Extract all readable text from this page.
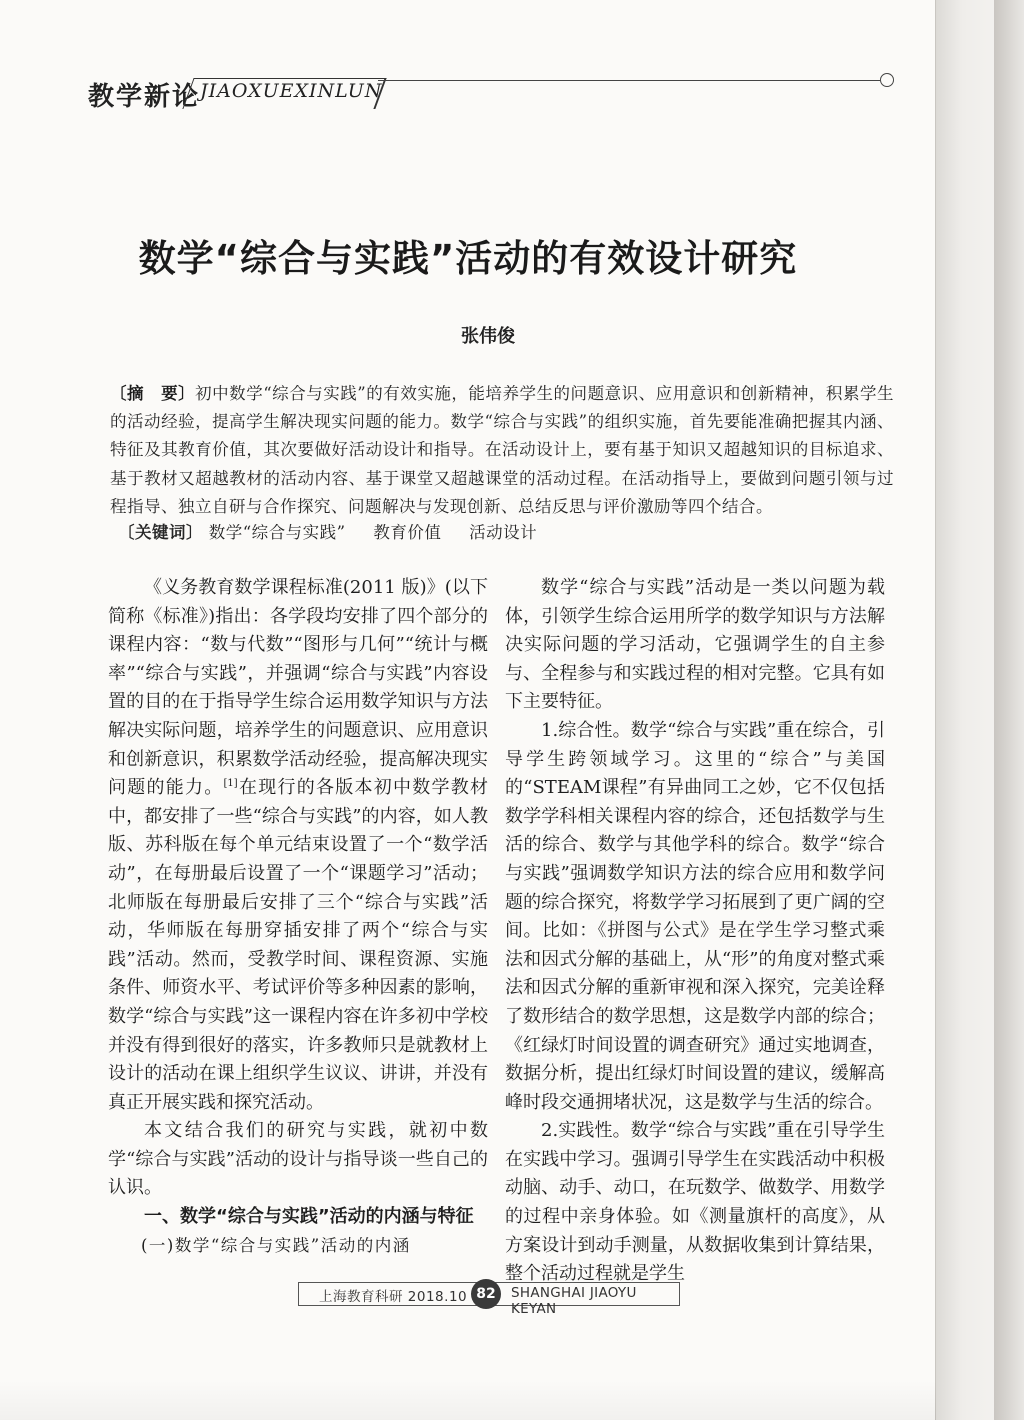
教学新论 JIAOXUEXINLUN
数学“综合与实践”活动的有效设计研究
张伟俊
〔摘　要〕初中数学“综合与实践”的有效实施，能培养学生的问题意识、应用意识和创新精神，积累学生的活动经验，提高学生解决现实问题的能力。数学“综合与实践”的组织实施，首先要能准确把握其内涵、特征及其教育价值，其次要做好活动设计和指导。在活动设计上，要有基于知识又超越知识的目标追求、基于教材又超越教材的活动内容、基于课堂又超越课堂的活动过程。在活动指导上，要做到问题引领与过程指导、独立自研与合作探究、问题解决与发现创新、总结反思与评价激励等四个结合。
〔关键词〕 数学“综合与实践” 教育价值 活动设计

《义务教育数学课程标准(2011 版)》(以下简称《标准》)指出：各学段均安排了四个部分的课程内容：“数与代数”“图形与几何”“统计与概率”“综合与实践”，并强调“综合与实践”内容设置的目的在于指导学生综合运用数学知识与方法解决实际问题，培养学生的问题意识、应用意识和创新意识，积累数学活动经验，提高解决现实问题的能力。[1]在现行的各版本初中数学教材中，都安排了一些“综合与实践”的内容，如人教版、苏科版在每个单元结束设置了一个“数学活动”，在每册最后设置了一个“课题学习”活动；北师版在每册最后安排了三个“综合与实践”活动，华师版在每册穿插安排了两个“综合与实践”活动。然而，受教学时间、课程资源、实施条件、师资水平、考试评价等多种因素的影响，数学“综合与实践”这一课程内容在许多初中学校并没有得到很好的落实，许多教师只是就教材上设计的活动在课上组织学生议议、讲讲，并没有真正开展实践和探究活动。

本文结合我们的研究与实践，就初中数学“综合与实践”活动的设计与指导谈一些自己的认识。

一、数学“综合与实践”活动的内涵与特征

(一)数学“综合与实践”活动的内涵

数学“综合与实践”活动是一类以问题为载体，引领学生综合运用所学的数学知识与方法解决实际问题的学习活动，它强调学生的自主参与、全程参与和实践过程的相对完整。它具有如下主要特征。

1.综合性。数学“综合与实践”重在综合，引导学生跨领域学习。这里的“综合”与美国的“STEAM课程”有异曲同工之妙，它不仅包括数学学科相关课程内容的综合，还包括数学与生活的综合、数学与其他学科的综合。数学“综合与实践”强调数学知识方法的综合应用和数学问题的综合探究，将数学学习拓展到了更广阔的空间。比如：《拼图与公式》是在学生学习整式乘法和因式分解的基础上，从“形”的角度对整式乘法和因式分解的重新审视和深入探究，完美诠释了数形结合的数学思想，这是数学内部的综合；《红绿灯时间设置的调查研究》通过实地调查，数据分析，提出红绿灯时间设置的建议，缓解高峰时段交通拥堵状况，这是数学与生活的综合。

2.实践性。数学“综合与实践”重在引导学生在实践中学习。强调引导学生在实践活动中积极动脑、动手、动口，在玩数学、做数学、用数学的过程中亲身体验。如《测量旗杆的高度》，从方案设计到动手测量，从数据收集到计算结果，整个活动过程就是学生

上海教育科研 2018.10 82	SHANGHAI JIAOYU KEYAN
